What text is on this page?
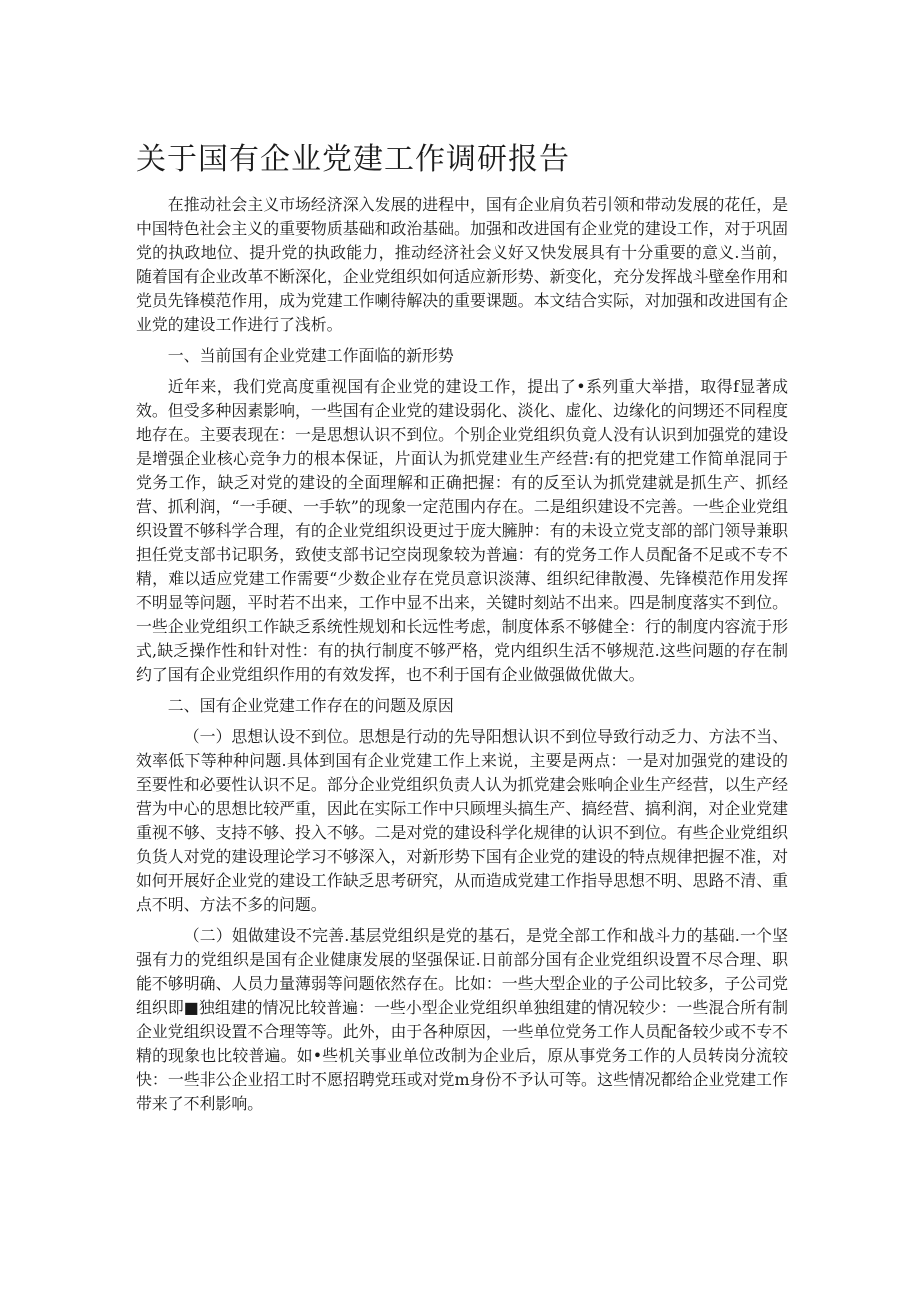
关于国有企业党建工作调研报告

在推动社会主义市场经济深入发展的进程中，国有企业肩负若引领和带动发展的花任，是中国特色社会主义的重要物质基础和政治基础。加强和改进国有企业党的建设工作，对于巩固党的执政地位、提升党的执政能力，推动经济社会义好又快发展具有十分重要的意义.当前，随着国有企业改革不断深化，企业党组织如何适应新形势、新变化，充分发挥战斗壁垒作用和党员先锋模范作用，成为党建工作喇待解决的重要课题。本文结合实际，对加强和改进国有企业党的建设工作进行了浅析。

一、当前国有企业党建工作面临的新形势

近年来，我们党高度重视国有企业党的建设工作，提出了•系列重大举措，取得f显著成效。但受多种因素影响，一些国有企业党的建设弱化、淡化、虚化、边缘化的问甥还不同程度地存在。主要表现在：一是思想认识不到位。个别企业党组织负竟人没有认识到加强党的建设是增强企业核心竞争力的根本保证，片面认为抓党建业生产经营:有的把党建工作简单混同于党务工作，缺乏对党的建设的全面理解和正确把握：有的反至认为抓党建就是抓生产、抓经营、抓利润，“一手硬、一手软”的现象一定范围内存在。二是组织建设不完善。一些企业党组织设置不够科学合理，有的企业党组织设更过于庞大臃肿：有的未设立党支部的部门领导兼职担任党支部书记职务，致使支部书记空岗现象较为普遍：有的党务工作人员配备不足或不专不精，难以适应党建工作需要“少数企业存在党员意识淡薄、组织纪律散漫、先锋模范作用发挥不明显等问题，平时若不出来，工作中显不出来，关键时刻站不出来。四是制度落实不到位。一些企业党组织工作缺乏系统性规划和长远性考虑，制度体系不够健全：行的制度内容流于形式,缺乏操作性和针对性：有的执行制度不够严格，党内组织生活不够规范.这些问题的存在制约了国有企业党组织作用的有效发挥，也不利于国有企业做强做优做大。

二、国有企业党建工作存在的问题及原因

（一）思想认设不到位。思想是行动的先导阳想认识不到位导致行动乏力、方法不当、效率低下等种种问题.具体到国有企业党建工作上来说，主要是两点：一是对加强党的建设的至要性和必要性认识不足。部分企业党组织负责人认为抓党建会账响企业生产经营，以生产经营为中心的思想比较严重，因此在实际工作中只顾埋头搞生产、搞经营、搞利润，对企业党建重视不够、支持不够、投入不够。二是对党的建设科学化规律的认识不到位。有些企业党组织负货人对党的建设理论学习不够深入，对新形势下国有企业党的建设的特点规律把握不准，对如何开展好企业党的建设工作缺乏思考研究，从而造成党建工作指导思想不明、思路不清、重点不明、方法不多的问题。

（二）姐做建设不完善.基层党组织是党的基石，是党全部工作和战斗力的基础.一个坚强有力的党组织是国有企业健康发展的坚强保证.日前部分国有企业党组织设置不尽合理、职能不够明确、人员力量薄弱等问题依然存在。比如：一些大型企业的子公司比较多，子公司党组织即■独组建的情况比较普遍：一些小型企业党组织单独组建的情况较少：一些混合所有制企业党组织设置不合理等等。此外，由于各种原因，一些单位党务工作人员配备较少或不专不精的现象也比较普遍。如•些机关事业单位改制为企业后，原从事党务工作的人员转岗分流较快：一些非公企业招工时不愿招聘党珏或对党m身份不予认可等。这些情况都给企业党建工作带来了不利影响。
